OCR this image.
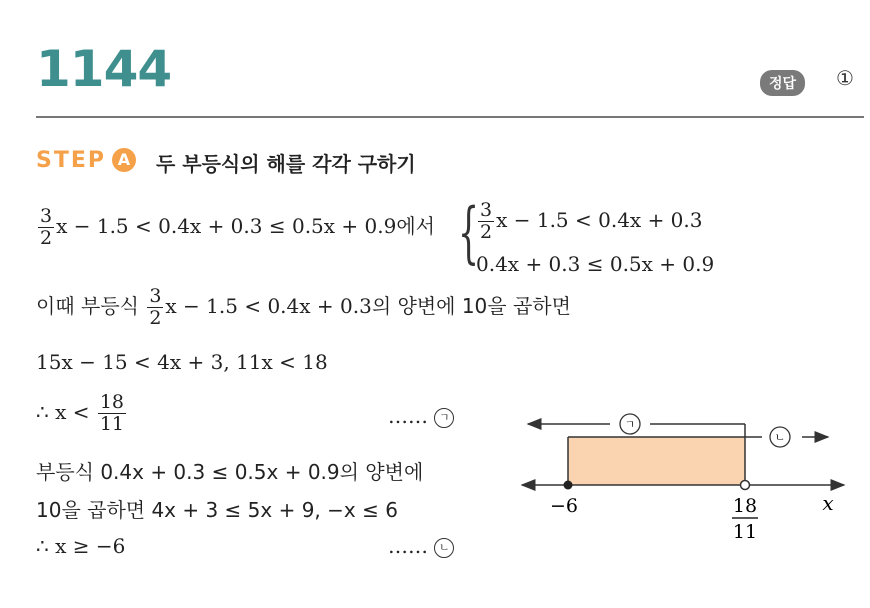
1144	정답	①
STEP A 두 부등식의 해를 각각 구하기
$\frac{3}{2}$ x − 1.5 < 0.4x + 0.3 ≤ 0.5x + 0.9에서 { $\frac{3}{2}$ x − 1.5 < 0.4x + 0.3
0.4x + 0.3 ≤ 0.5x + 0.9
이때 부등식 $\frac{3}{2}$ x − 1.5 < 0.4x + 0.3의 양변에 10을 곱하면
15x − 15 < 4x + 3, 11x < 18
∴ $x < \frac{18}{11}$	…… ㄱ
부등식 0.4x + 0.3 ≤ 0.5x + 0.9의 양변에
10을 곱하면 4x + 3 ≤ 5x + 9, −x ≤ 6
∴ x ≥ −6	…… ㄴ
ㄱ
ㄴ
−6	18
11
x
